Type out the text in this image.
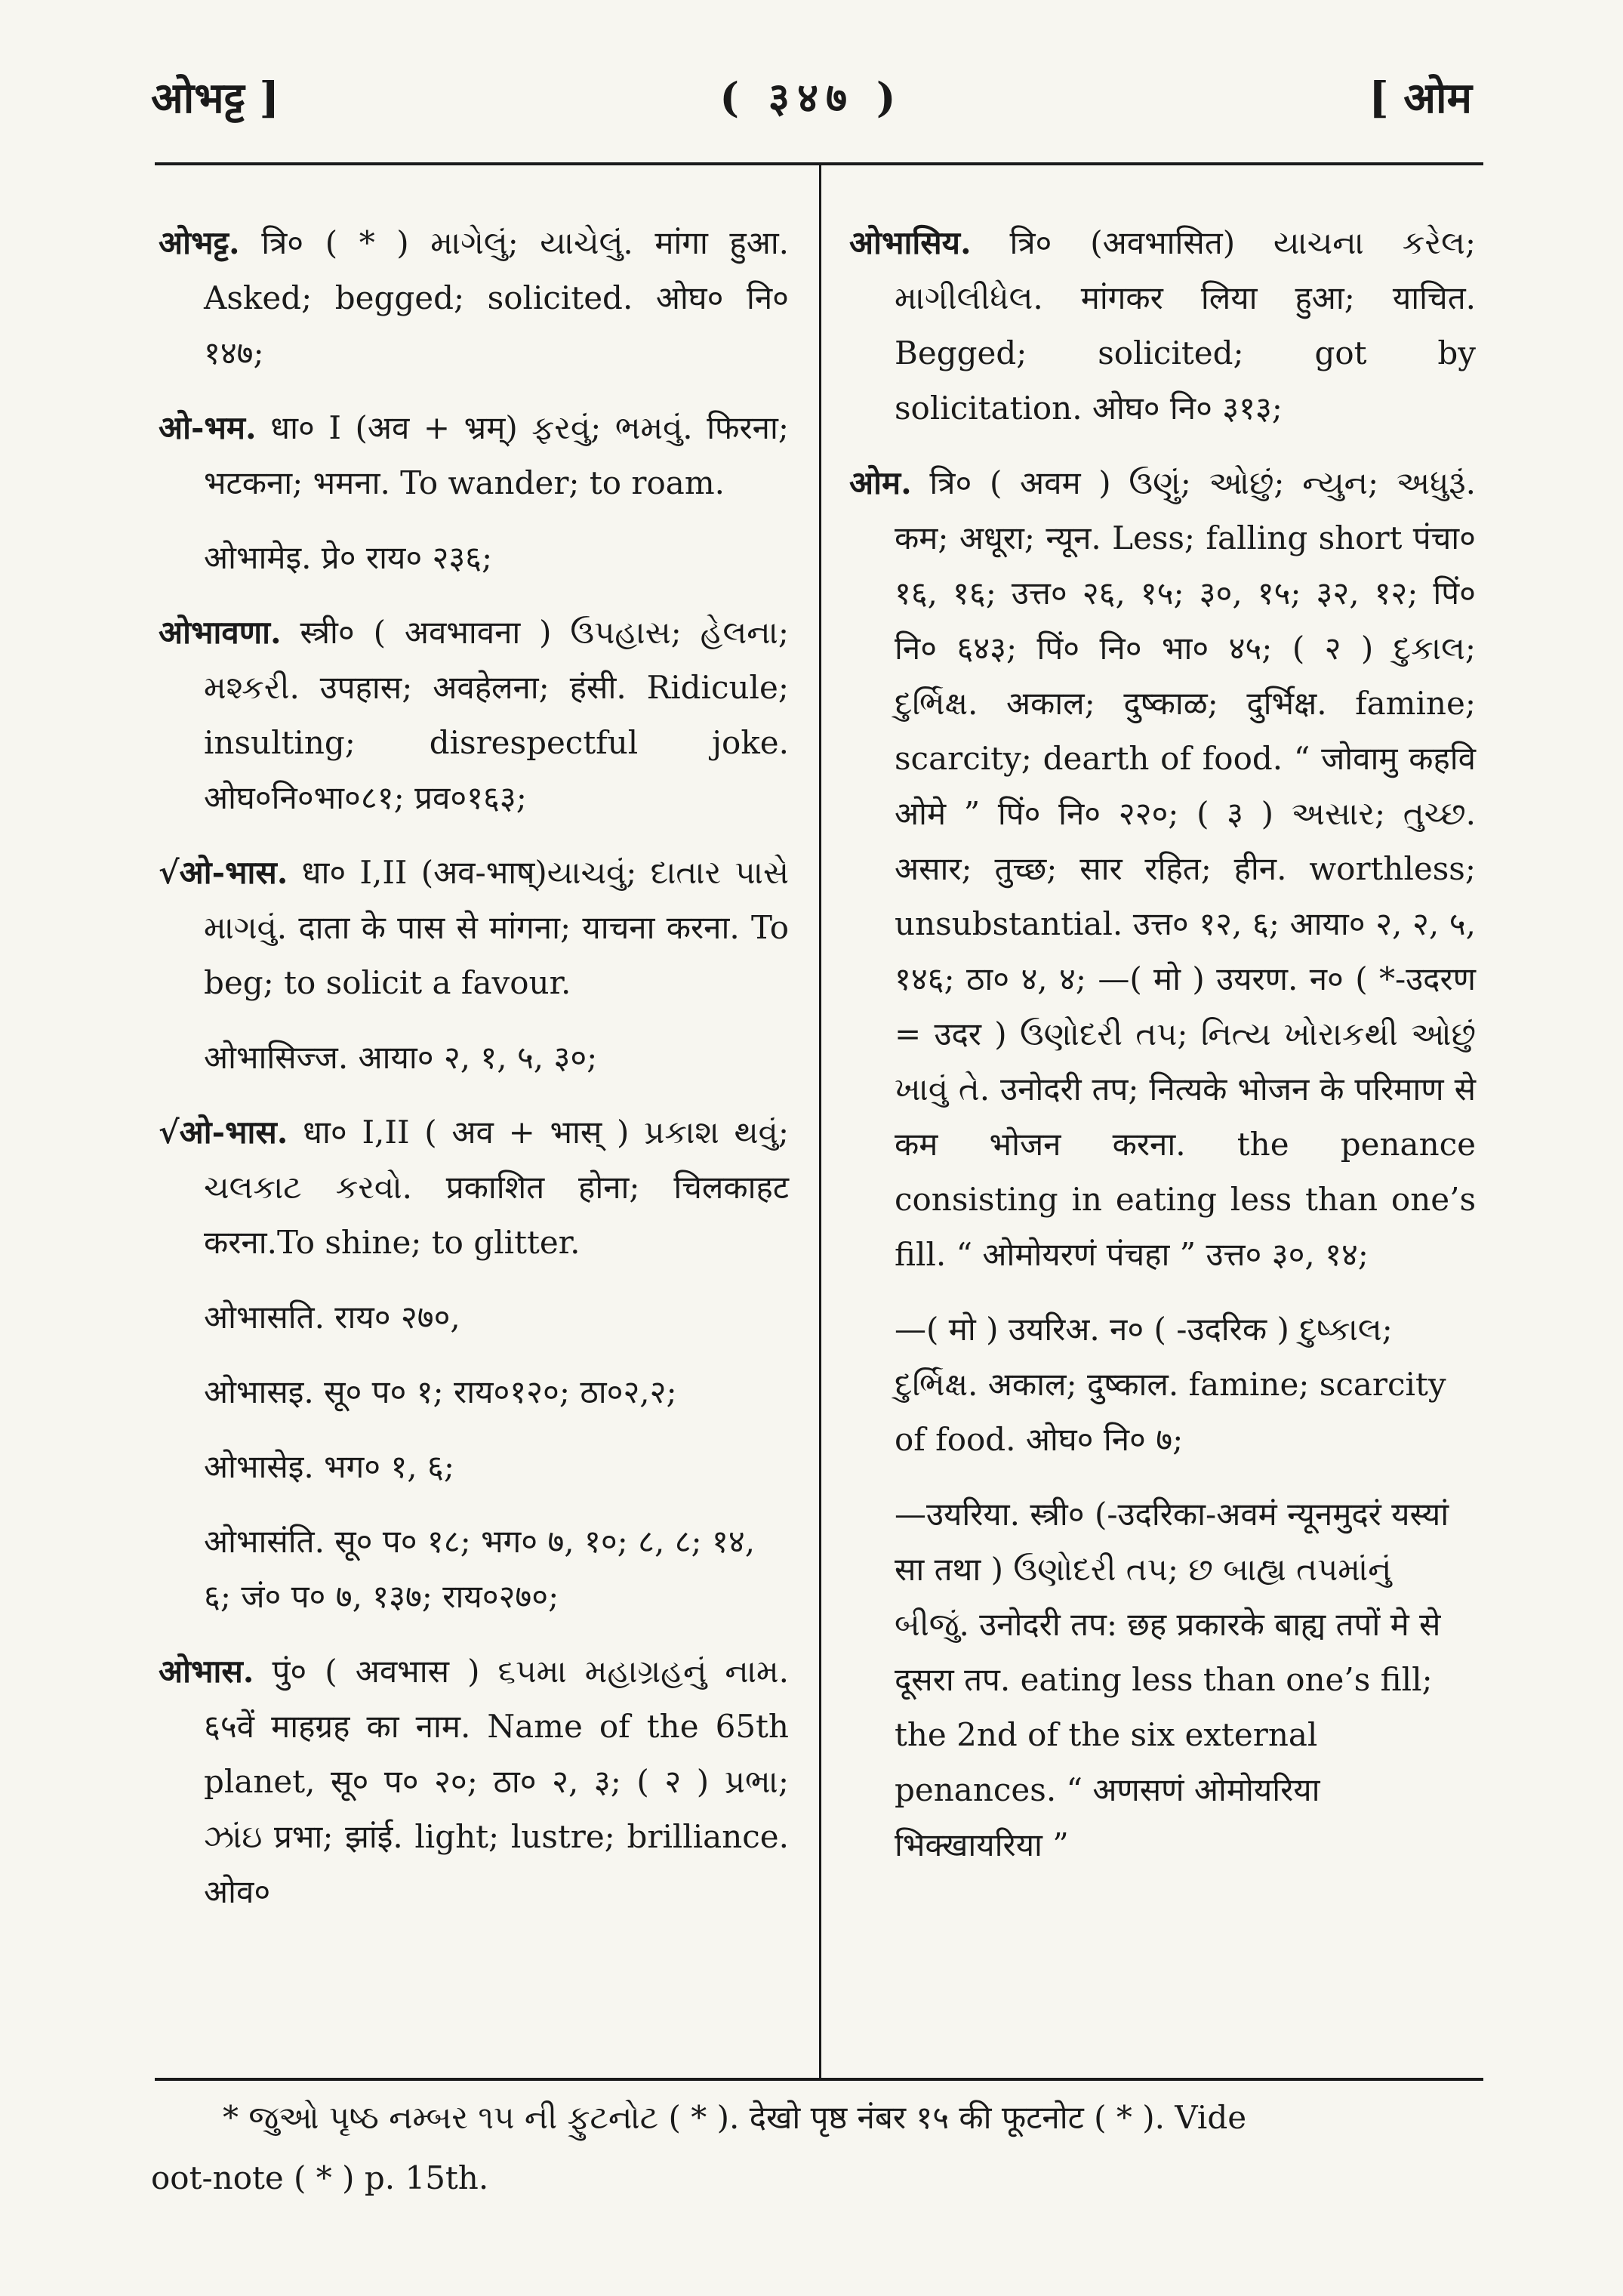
ओभट्ट ]	( ३४७ )	[ ओम

ओभट्ट. त्रि० ( * ) માગેલું; યાચેલું. मांगा हुआ. Asked; begged; solicited. ओघ० नि० १४७;

ओ-भम. धा० I (अव + भ्रम्) ફરવું; ભમવું. फिरना; भटकना; भमना. To wander; to roam.

ओभामेइ. प्रे० राय० २३६;

ओभावणा. स्त्री० ( अवभावना ) ઉપહાસ; હેલના; મશ્કરી. उपहास; अवहेलना; हंसी. Ridicule; insulting; disrespectful joke. ओघ०नि०भा०८१; प्रव०१६३;

√ओ-भास. धा० I,II (अव-भाष्)યાચવું; દાતાર પાસે માગવું. दाता के पास से मांगना; याचना करना. To beg; to solicit a favour.

ओभासिज्ज. आया० २, १, ५, ३०;

√ओ-भास. धा० I,II ( अव + भास् ) પ્રકાશ થવું; ચલકાટ કરવો. प्रकाशित होना; चिलकाहट करना.To shine; to glitter.

ओभासति. राय० २७०,

ओभासइ. सू० प० १; राय०१२०; ठा०२,२;

ओभासेइ. भग० १, ६;

ओभासंति. सू० प० १८; भग० ७, १०; ८, ८; १४, ६; जं० प० ७, १३७; राय०२७०;

ओभास. पुं० ( अवभास ) ૬૫મા મહાગ્રહનું નામ. ६५वें माहग्रह का नाम. Name of the 65th planet, सू० प० २०; ठा० २, ३; ( २ ) પ્રભા; ઝાંઇ प्रभा; झांई. light; lustre; brilliance. ओव०

ओभासिय. त्रि० (अवभासित) યાચના કરેલ; માગીલીધેલ. मांगकर लिया हुआ; याचित. Begged; solicited; got by solicitation. ओघ० नि० ३१३;

ओम. त्रि० ( अवम ) ઉણું; ઓછું; ન્યુન; અધુરૂં. कम; अधूरा; न्यून. Less; falling short पंचा० १६, १६; उत्त० २६, १५; ३०, १५; ३२, १२; पिं० नि० ६४३; पिं० नि० भा० ४५; ( २ ) દુકાલ; દુર્ભિક્ષ. अकाल; दुष्काळ; दुर्भिक्ष. famine; scarcity; dearth of food. “ जोवामु कहवि ओमे ” पिं० नि० २२०; ( ३ ) અસાર; તુચ્છ. असार; तुच्छ; सार रहित; हीन. worthless; unsubstantial. उत्त० १२, ६; आया० २, २, ५, १४६; ठा० ४, ४; —( मो ) उयरण. न० ( *-उदरण = उदर ) ઉણોદરી તપ; નિત્ય ખોરાકથી ઓછું ખાવું તે. उनोदरी तप; नित्यके भोजन के परिमाण से कम भोजन करना. the penance consisting in eating less than one’s fill. “ ओमोयरणं पंचहा ” उत्त० ३०, १४;

—( मो ) उयरिअ. न० ( -उदरिक ) દુષ્કાલ; દુર્ભિક્ષ. अकाल; दुष्काल. famine; scarcity of food. ओघ० नि० ७;

—उयरिया. स्त्री० (-उदरिका-अवमं न्यूनमुदरं यस्यां सा तथा ) ઉણોદરી તપ; છ બાહ્ય તપમાંનું બીજું. उनोदरी तप: छह प्रकारके बाह्य तपों मे से दूसरा तप. eating less than one’s fill; the 2nd of the six external penances. “ अणसणं ओमोयरिया भिक्खायरिया ”

* જુઓ પૃષ્ઠ નમ્બર ૧૫ ની ફુટનોટ ( * ). देखो पृष्ठ नंबर १५ की फूटनोट ( * ). Vide
oot-note ( * ) p. 15th.
